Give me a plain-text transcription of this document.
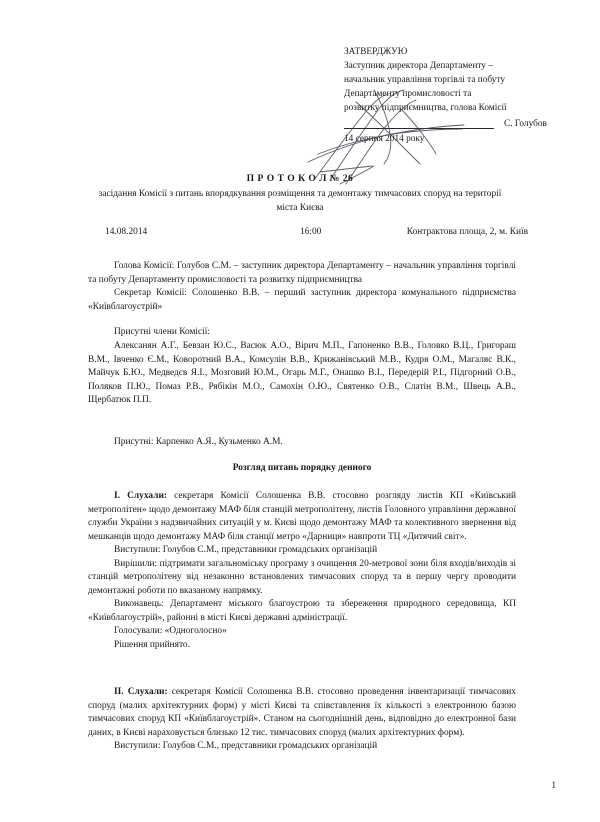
ЗАТВЕРДЖУЮ
Заступник директора Департаменту –
начальник управління торгівлі та побуту
Департаменту промисловості та
розвитку підприємництва, голова Комісії
С. Голубов
14 серпня 2014 року
П Р О Т О К О Л № 26
засідання Комісії з питань впорядкування розміщення та демонтажу тимчасових споруд на території міста Києва
14.08.2014	16:00	Контрактова площа, 2, м. Київ
Голова Комісії: Голубов С.М. – заступник директора Департаменту – начальник управління торгівлі та побуту Департаменту промисловості та розвитку підприємництва
Секретар Комісії: Солошенко В.В. – перший заступник директора комунального підприємства «Київблагоустрій»
Присутні члени Комісії:
Алексанян А.Г., Бевзан Ю.С., Васюк А.О., Вірич М.П., Гапоненко В.В., Головко В.Ц., Григораш В.М., Івченко Є.М., Коворотний В.А., Комсулін В.В., Крижанівський М.В., Кудря О.М., Магаляс В.К., Майчук Б.Ю., Медведєв Я.І., Мозговий Ю.М., Огарь М.Г., Онашко В.І., Передерій Р.І., Підгорний О.В., Поляков П.Ю., Помаз Р.В., Рябікін М.О., Самохін О.Ю., Святенко О.В., Слатін В.М., Швець А.В., Щербатюк П.П.
Присутні: Карпенко А.Я., Кузьменко А.М.
Розгляд питань порядку денного
I. Слухали: секретаря Комісії Солошенка В.В. стосовно розгляду листів КП «Київський метрополітен» щодо демонтажу МАФ біля станцій метрополітену, листів Головного управління державної служби України з надзвичайних ситуацій у м. Києві щодо демонтажу МАФ та колективного звернення від мешканців щодо демонтажу МАФ біля станції метро «Дарниця» навпроти ТЦ «Дитячий світ».
Виступили: Голубов С.М., представники громадських організацій
Вирішили: підтримати загальноміську програму з очищення 20-метрової зони біля входів/виходів зі станцій метрополітену від незаконно встановлених тимчасових споруд та в першу чергу проводити демонтажні роботи по вказаному напрямку.
Виконавець: Департамент міського благоустрою та збереження природного середовища, КП «Київблагоустрій», районні в місті Києві державні адміністрації.
Голосували: «Одноголосно»
Рішення прийнято.
II. Слухали: секретаря Комісії Солошенка В.В. стосовно проведення інвентаризації тимчасових споруд (малих архітектурних форм) у місті Києві та співставлення їх кількості з електронною базою тимчасових споруд КП «Київблагоустрій». Станом на сьогоднішній день, відповідно до електронної бази даних, в Києві нараховується близько 12 тис. тимчасових споруд (малих архітектурних форм).
Виступили: Голубов С.М., представники громадських організацій
1
